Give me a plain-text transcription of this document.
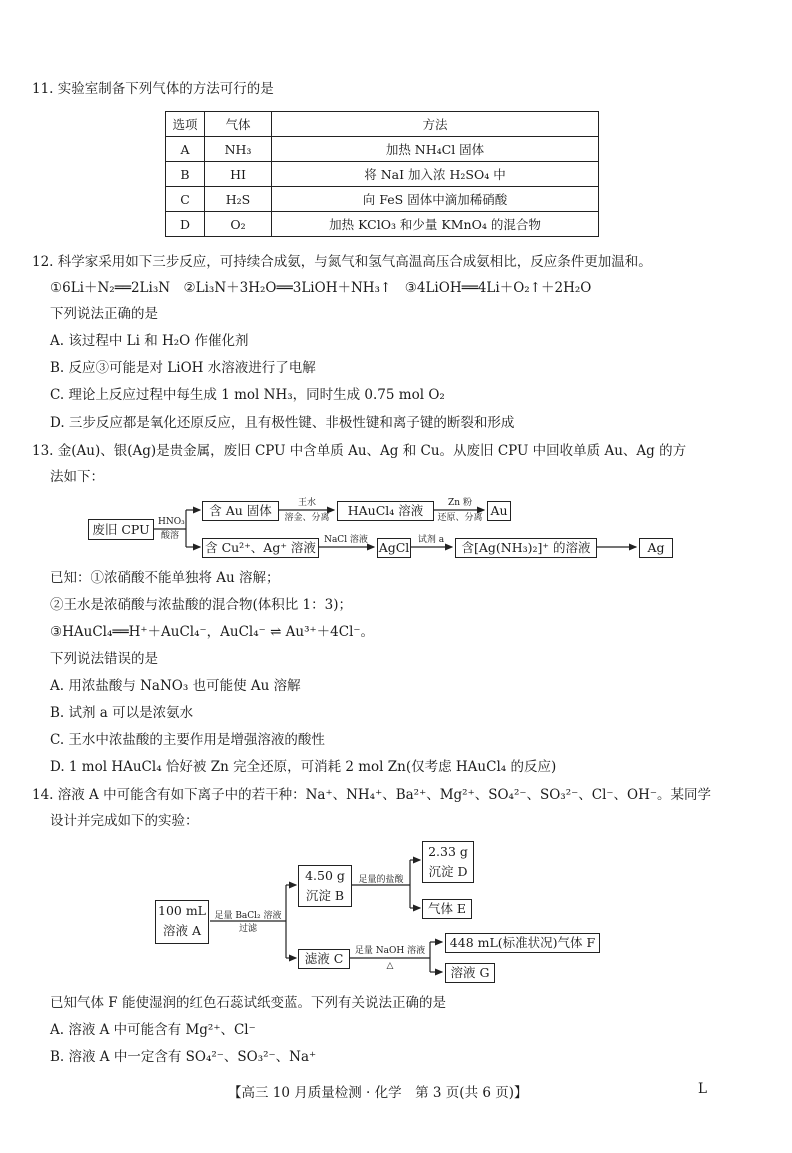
11. 实验室制备下列气体的方法可行的是
选项	气体	方法
A	NH₃	加热 NH₄Cl 固体
B	HI	将 NaI 加入浓 H₂SO₄ 中
C	H₂S	向 FeS 固体中滴加稀硝酸
D	O₂	加热 KClO₃ 和少量 KMnO₄ 的混合物
12. 科学家采用如下三步反应，可持续合成氨，与氮气和氢气高温高压合成氨相比，反应条件更加温和。
①6Li＋N₂══2Li₃N　②Li₃N＋3H₂O══3LiOH＋NH₃↑　③4LiOH══4Li＋O₂↑＋2H₂O
下列说法正确的是
A. 该过程中 Li 和 H₂O 作催化剂
B. 反应③可能是对 LiOH 水溶液进行了电解
C. 理论上反应过程中每生成 1 mol NH₃，同时生成 0.75 mol O₂
D. 三步反应都是氧化还原反应，且有极性键、非极性键和离子键的断裂和形成
13. 金(Au)、银(Ag)是贵金属，废旧 CPU 中含单质 Au、Ag 和 Cu。从废旧 CPU 中回收单质 Au、Ag 的方
法如下：
废旧 CPU HNO₃
酸溶
含 Au 固体	王水
溶金、分离	HAuCl₄ 溶液	Zn 粉
还原、分离 Au
含 Cu²⁺、Ag⁺ 溶液 NaCl 溶液 AgCl 试剂 a	含[Ag(NH₃)₂]⁺ 的溶液	Ag
已知：①浓硝酸不能单独将 Au 溶解；
②王水是浓硝酸与浓盐酸的混合物(体积比 1：3)；
③HAuCl₄══H⁺＋AuCl₄⁻，AuCl₄⁻ ⇌ Au³⁺＋4Cl⁻。
下列说法错误的是
A. 用浓盐酸与 NaNO₃ 也可能使 Au 溶解
B. 试剂 a 可以是浓氨水
C. 王水中浓盐酸的主要作用是增强溶液的酸性
D. 1 mol HAuCl₄ 恰好被 Zn 完全还原，可消耗 2 mol Zn(仅考虑 HAuCl₄ 的反应)
14. 溶液 A 中可能含有如下离子中的若干种：Na⁺、NH₄⁺、Ba²⁺、Mg²⁺、SO₄²⁻、SO₃²⁻、Cl⁻、OH⁻。某同学
设计并完成如下的实验：
100 mL
溶液 A
足量 BaCl₂ 溶液
过滤
4.50 g
沉淀 B
足量的盐酸
2.33 g
沉淀 D
气体 E
滤液 C	足量 NaOH 溶液
△
448 mL(标准状况)气体 F
溶液 G
已知气体 F 能使湿润的红色石蕊试纸变蓝。下列有关说法正确的是
A. 溶液 A 中可能含有 Mg²⁺、Cl⁻
B. 溶液 A 中一定含有 SO₄²⁻、SO₃²⁻、Na⁺
【高三 10 月质量检测 · 化学　第 3 页(共 6 页)】	L
